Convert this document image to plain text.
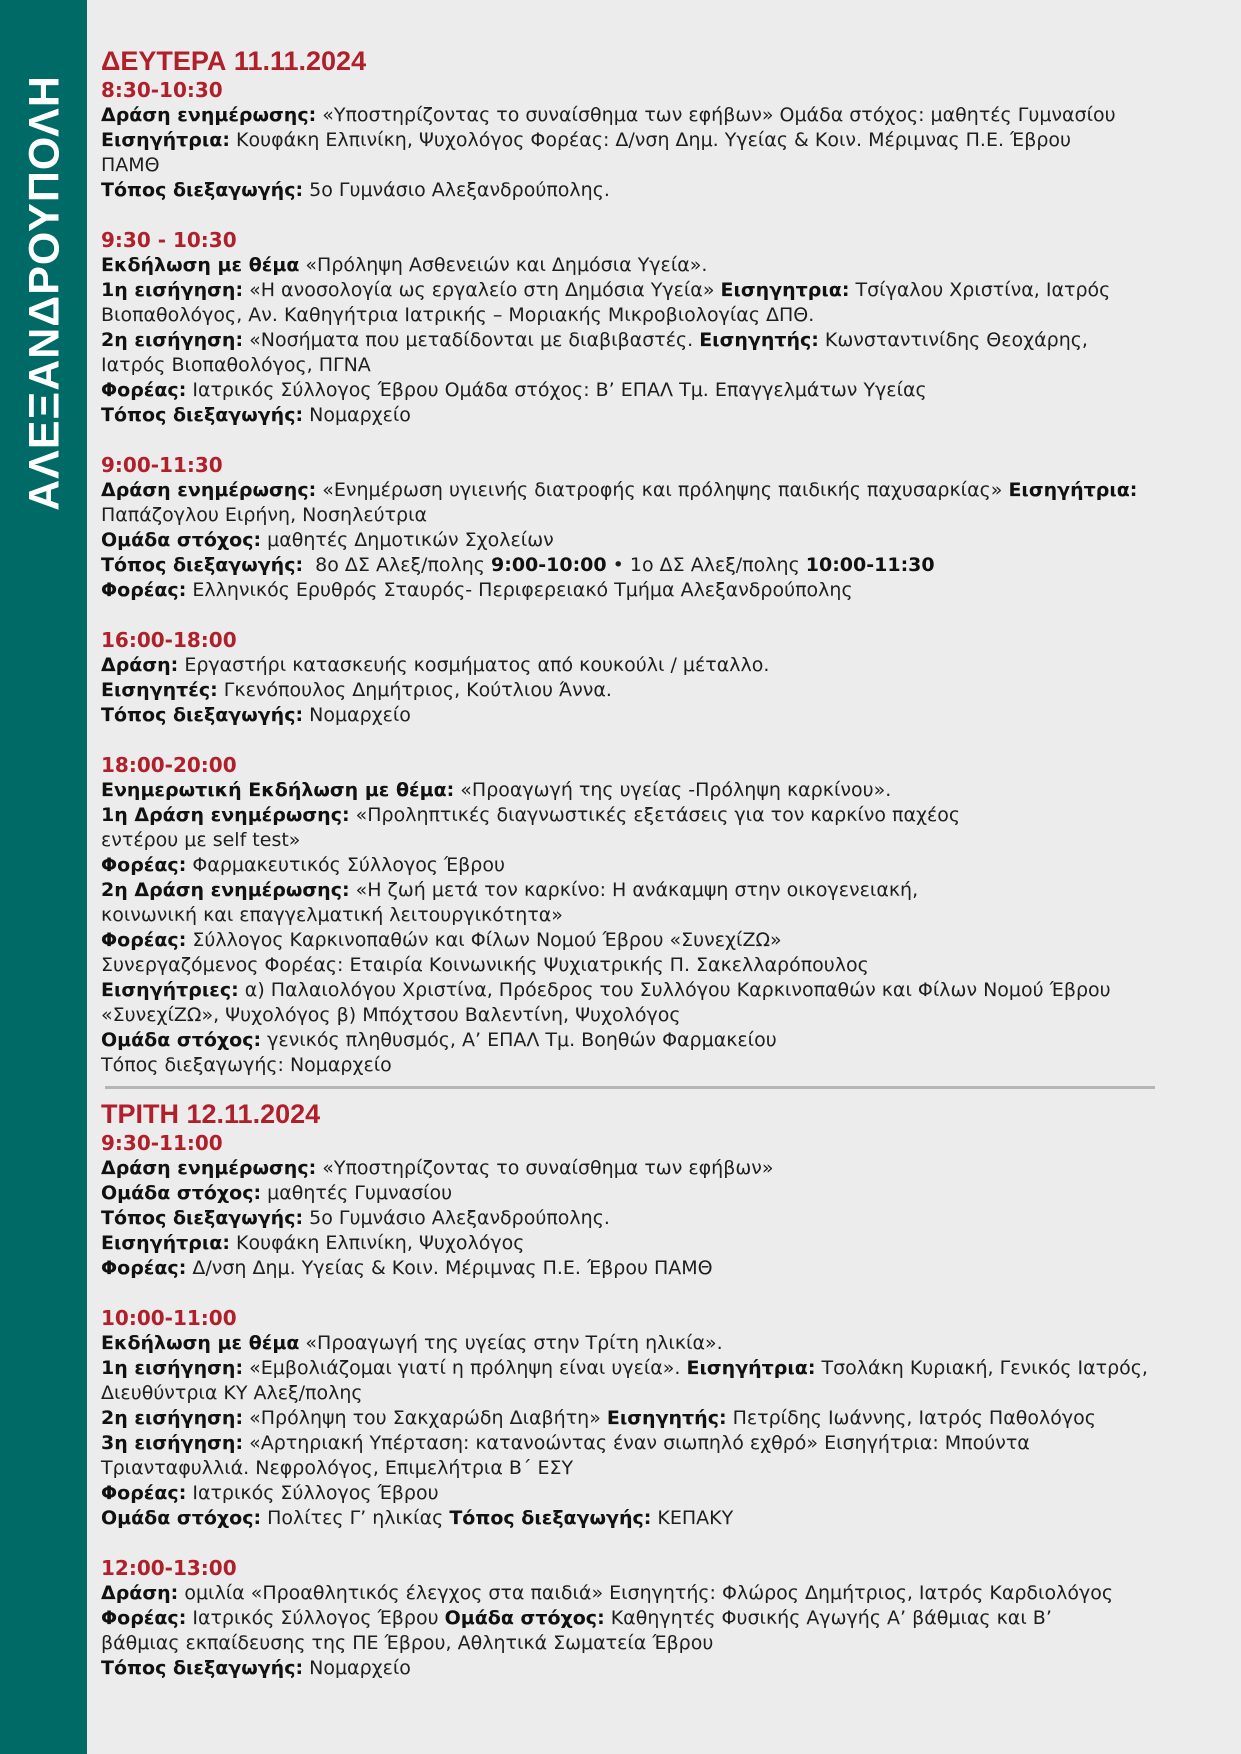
ΑΛΕΞΑΝΔΡΟΥΠΟΛΗ
ΔΕΥΤΕΡΑ 11.11.2024
8:30-10:30
Δράση ενημέρωσης: «Υποστηρίζοντας το συναίσθημα των εφήβων» Ομάδα στόχος: μαθητές Γυμνασίου
Εισηγήτρια: Κουφάκη Ελπινίκη, Ψυχολόγος Φορέας: Δ/νση Δημ. Υγείας & Κοιν. Μέριμνας Π.Ε. Έβρου
ΠΑΜΘ
Τόπος διεξαγωγής: 5ο Γυμνάσιο Αλεξανδρούπολης.
9:30 - 10:30
Εκδήλωση με θέμα «Πρόληψη Ασθενειών και Δημόσια Υγεία».
1η εισήγηση: «Η ανοσολογία ως εργαλείο στη Δημόσια Υγεία» Εισηγητρια: Τσίγαλου Χριστίνα, Ιατρός
Βιοπαθολόγος, Αν. Καθηγήτρια Ιατρικής – Μοριακής Μικροβιολογίας ΔΠΘ.
2η εισήγηση: «Νοσήματα που μεταδίδονται με διαβιβαστές. Εισηγητής: Κωνσταντινίδης Θεοχάρης,
Ιατρός Βιοπαθολόγος, ΠΓΝΑ
Φορέας: Ιατρικός Σύλλογος Έβρου Ομάδα στόχος: Β’ ΕΠΑΛ Τμ. Επαγγελμάτων Υγείας
Τόπος διεξαγωγής: Νομαρχείο
9:00-11:30
Δράση ενημέρωσης: «Ενημέρωση υγιεινής διατροφής και πρόληψης παιδικής παχυσαρκίας» Εισηγήτρια:
Παπάζογλου Ειρήνη, Νοσηλεύτρια
Ομάδα στόχος: μαθητές Δημοτικών Σχολείων
Τόπος διεξαγωγής:  8ο ΔΣ Αλεξ/πολης 9:00-10:00 • 1ο ΔΣ Αλεξ/πολης 10:00-11:30
Φορέας: Ελληνικός Ερυθρός Σταυρός- Περιφερειακό Τμήμα Αλεξανδρούπολης
16:00-18:00
Δράση: Εργαστήρι κατασκευής κοσμήματος από κουκούλι / μέταλλο.
Εισηγητές: Γκενόπουλος Δημήτριος, Κούτλιου Άννα.
Τόπος διεξαγωγής: Νομαρχείο
18:00-20:00
Ενημερωτική Εκδήλωση με θέμα: «Προαγωγή της υγείας -Πρόληψη καρκίνου».
1η Δράση ενημέρωσης: «Προληπτικές διαγνωστικές εξετάσεις για τον καρκίνο παχέος
εντέρου με self test»
Φορέας: Φαρμακευτικός Σύλλογος Έβρου
2η Δράση ενημέρωσης: «Η ζωή μετά τον καρκίνο: Η ανάκαμψη στην οικογενειακή,
κοινωνική και επαγγελματική λειτουργικότητα»
Φορέας: Σύλλογος Καρκινοπαθών και Φίλων Νομού Έβρου «ΣυνεχίΖΩ»
Συνεργαζόμενος Φορέας: Εταιρία Κοινωνικής Ψυχιατρικής Π. Σακελλαρόπουλος
Εισηγήτριες: α) Παλαιολόγου Χριστίνα, Πρόεδρος του Συλλόγου Καρκινοπαθών και Φίλων Νομού Έβρου
«ΣυνεχίΖΩ», Ψυχολόγος β) Μπόχτσου Βαλεντίνη, Ψυχολόγος
Ομάδα στόχος: γενικός πληθυσμός, Α’ ΕΠΑΛ Τμ. Βοηθών Φαρμακείου
Τόπος διεξαγωγής: Νομαρχείο
ΤΡΙΤΗ 12.11.2024
9:30-11:00
Δράση ενημέρωσης: «Υποστηρίζοντας το συναίσθημα των εφήβων»
Ομάδα στόχος: μαθητές Γυμνασίου
Τόπος διεξαγωγής: 5ο Γυμνάσιο Αλεξανδρούπολης.
Εισηγήτρια: Κουφάκη Ελπινίκη, Ψυχολόγος
Φορέας: Δ/νση Δημ. Υγείας & Κοιν. Μέριμνας Π.Ε. Έβρου ΠΑΜΘ
10:00-11:00
Εκδήλωση με θέμα «Προαγωγή της υγείας στην Τρίτη ηλικία».
1η εισήγηση: «Εμβολιάζομαι γιατί η πρόληψη είναι υγεία». Εισηγήτρια: Τσολάκη Κυριακή, Γενικός Ιατρός,
Διευθύντρια ΚΥ Αλεξ/πολης
2η εισήγηση: «Πρόληψη του Σακχαρώδη Διαβήτη» Εισηγητής: Πετρίδης Ιωάννης, Ιατρός Παθολόγος
3η εισήγηση: «Αρτηριακή Υπέρταση: κατανοώντας έναν σιωπηλό εχθρό» Εισηγήτρια: Μπούντα
Τριανταφυλλιά. Νεφρολόγος, Επιμελήτρια Β΄ ΕΣΥ
Φορέας: Ιατρικός Σύλλογος Έβρου
Ομάδα στόχος: Πολίτες Γ’ ηλικίας Τόπος διεξαγωγής: ΚΕΠΑΚΥ
12:00-13:00
Δράση: ομιλία «Προαθλητικός έλεγχος στα παιδιά» Εισηγητής: Φλώρος Δημήτριος, Ιατρός Καρδιολόγος
Φορέας: Ιατρικός Σύλλογος Έβρου Ομάδα στόχος: Καθηγητές Φυσικής Αγωγής Α’ βάθμιας και Β’
βάθμιας εκπαίδευσης της ΠΕ Έβρου, Αθλητικά Σωματεία Έβρου
Τόπος διεξαγωγής: Νομαρχείο
